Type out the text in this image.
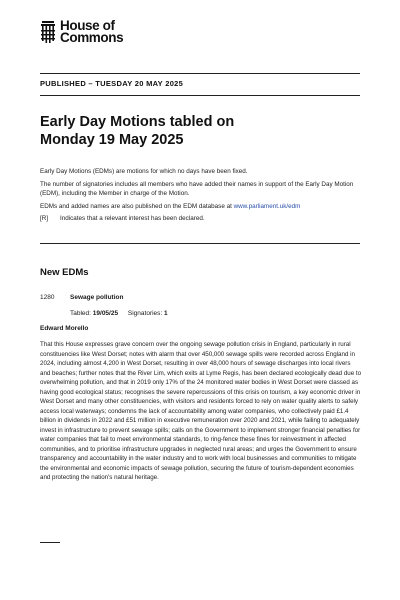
House of
Commons
PUBLISHED – TUESDAY 20 MAY 2025
Early Day Motions tabled on
Monday 19 May 2025

Early Day Motions (EDMs) are motions for which no days have been fixed.

The number of signatories includes all members who have added their names in support of the Early Day Motion (EDM), including the Member in charge of the Motion.

EDMs and added names are also published on the EDM database at www.parliament.uk/edm

[R] Indicates that a relevant interest has been declared.

New EDMs
1280 Sewage pollution
Tabled: 19/05/25 Signatories: 1
Edward Morello

That this House expresses grave concern over the ongoing sewage pollution crisis in England, particularly in rural constituencies like West Dorset; notes with alarm that over 450,000 sewage spills were recorded across England in 2024, including almost 4,200 in West Dorset, resulting in over 48,000 hours of sewage discharges into local rivers and beaches; further notes that the River Lim, which exits at Lyme Regis, has been declared ecologically dead due to overwhelming pollution, and that in 2019 only 17% of the 24 monitored water bodies in West Dorset were classed as having good ecological status; recognises the severe repercussions of this crisis on tourism, a key economic driver in West Dorset and many other constituencies, with visitors and residents forced to rely on water quality alerts to safely access local waterways; condemns the lack of accountability among water companies, who collectively paid £1.4 billion in dividends in 2022 and £51 million in executive remuneration over 2020 and 2021, while failing to adequately invest in infrastructure to prevent sewage spills; calls on the Government to implement stronger financial penalties for water companies that fail to meet environmental standards, to ring-fence these fines for reinvestment in affected communities, and to prioritise infrastructure upgrades in neglected rural areas; and urges the Government to ensure transparency and accountability in the water industry and to work with local businesses and communities to mitigate the environmental and economic impacts of sewage pollution, securing the future of tourism-dependent economies and protecting the nation's natural heritage.
